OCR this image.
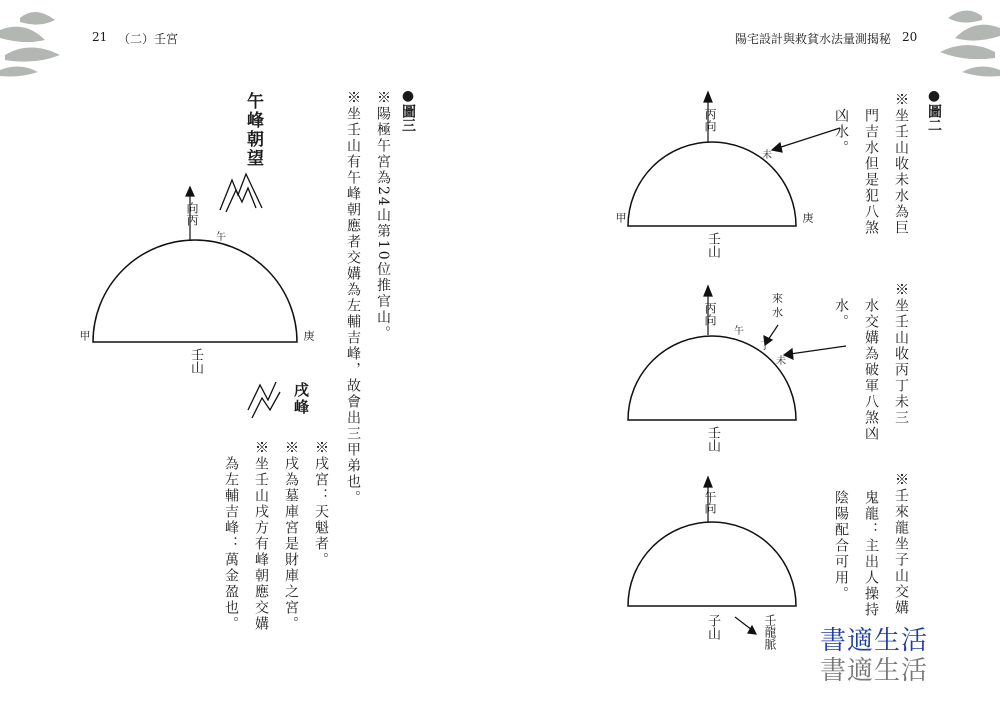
21 （二）壬宮	陽宅設計與救貧水法量測揭秘 20
●圖三
※陽極午宮為24山第10位推官山。
※坐壬山有午峰朝應者交媾為左輔吉峰，故會出三甲弟也。
午峰朝望
向丙
午
甲	庚
壬山
戌峰
※戌宮：天魁者。
※戌為墓庫宮是財庫之宮。
※坐壬山戌方有峰朝應交媾
為左輔吉峰：萬金盈也。
●圖二
※坐壬山收未水為巨
門吉水但是犯八煞
凶水。
※坐壬山收丙丁未三
水交媾為破軍八煞凶
水。
※壬來龍坐子山交媾
鬼龍：主出人操持
陰陽配合可用。
丙向
未
甲	庚
壬山
丙向
來水
午
丁
未
壬山
午向
子山	壬龍脈 書適生活
書適生活
